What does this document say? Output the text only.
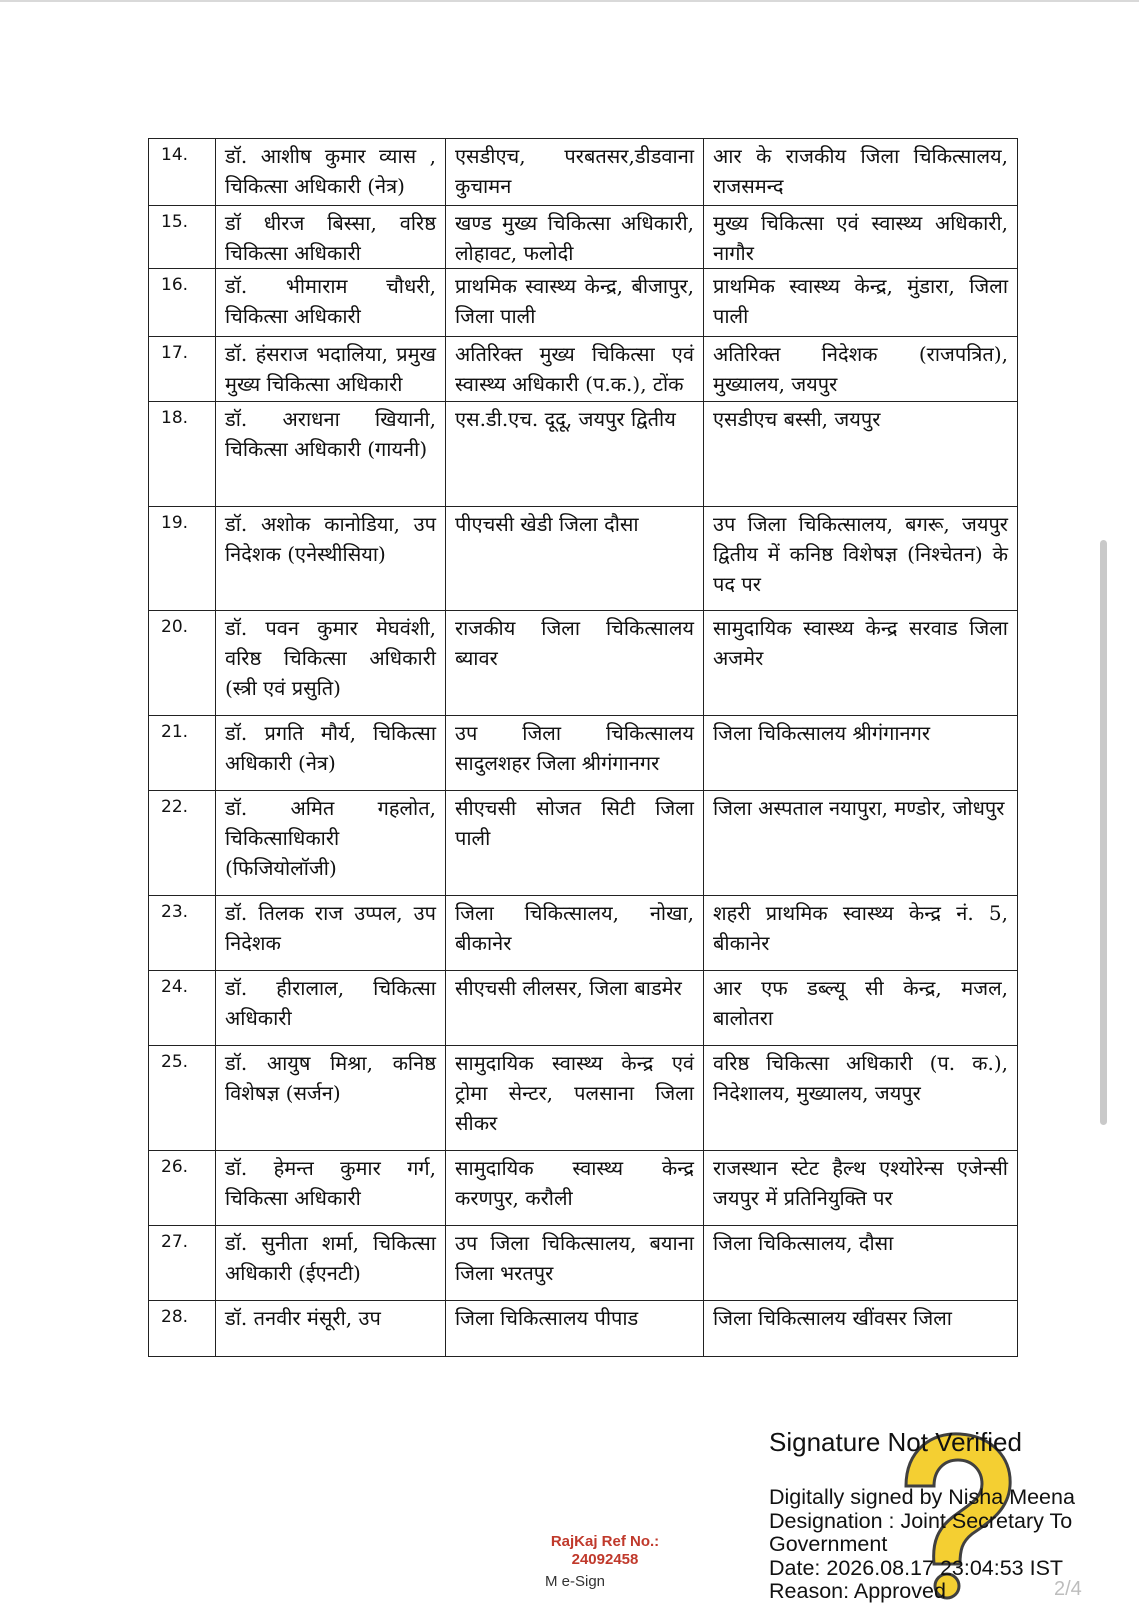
14.	डॉ. आशीष कुमार व्यास , चिकित्सा अधिकारी (नेत्र)	एसडीएच, परबतसर,डीडवाना कुचामन	आर के राजकीय जिला चिकित्सालय, राजसमन्द
15.	डॉ धीरज बिस्सा, वरिष्ठ चिकित्सा अधिकारी	खण्ड मुख्य चिकित्सा अधिकारी, लोहावट, फलोदी	मुख्य चिकित्सा एवं स्वास्थ्य अधिकारी, नागौर
16.	डॉ. भीमाराम चौधरी, चिकित्सा अधिकारी	प्राथमिक स्वास्थ्य केन्द्र, बीजापुर, जिला पाली	प्राथमिक स्वास्थ्य केन्द्र, मुंडारा, जिला पाली
17.	डॉ. हंसराज भदालिया, प्रमुख मुख्य चिकित्सा अधिकारी	अतिरिक्त मुख्य चिकित्सा एवं स्वास्थ्य अधिकारी (प.क.), टोंक	अतिरिक्त निदेशक (राजपत्रित), मुख्यालय, जयपुर
18.	डॉ. अराधना खियानी, चिकित्सा अधिकारी (गायनी)	एस.डी.एच. दूदू, जयपुर द्वितीय	एसडीएच बस्सी, जयपुर
19.	डॉ. अशोक कानोडिया, उप निदेशक (एनेस्थीसिया)	पीएचसी खेडी जिला दौसा	उप जिला चिकित्सालय, बगरू, जयपुर द्वितीय में कनिष्ठ विशेषज्ञ (निश्चेतन) के पद पर
20.	डॉ. पवन कुमार मेघवंशी, वरिष्ठ चिकित्सा अधिकारी (स्त्री एवं प्रसुति)	राजकीय जिला चिकित्सालय ब्यावर	सामुदायिक स्वास्थ्य केन्द्र सरवाड जिला अजमेर
21.	डॉ. प्रगति मौर्य, चिकित्सा अधिकारी (नेत्र)	उप जिला चिकित्सालय सादुलशहर जिला श्रीगंगानगर	जिला चिकित्सालय श्रीगंगानगर
22.	डॉ. अमित गहलोत, चिकित्साधिकारी (फिजियोलॉजी)	सीएचसी सोजत सिटी जिला पाली	जिला अस्पताल नयापुरा, मण्डोर, जोधपुर
23.	डॉ. तिलक राज उप्पल, उप निदेशक	जिला चिकित्सालय, नोखा, बीकानेर	शहरी प्राथमिक स्वास्थ्य केन्द्र नं. 5, बीकानेर
24.	डॉ. हीरालाल, चिकित्सा अधिकारी	सीएचसी लीलसर, जिला बाडमेर	आर एफ डब्ल्यू सी केन्द्र, मजल, बालोतरा
25.	डॉ. आयुष मिश्रा, कनिष्ठ विशेषज्ञ (सर्जन)	सामुदायिक स्वास्थ्य केन्द्र एवं ट्रोमा सेन्टर, पलसाना जिला सीकर	वरिष्ठ चिकित्सा अधिकारी (प. क.), निदेशालय, मुख्यालय, जयपुर
26.	डॉ. हेमन्त कुमार गर्ग, चिकित्सा अधिकारी	सामुदायिक स्वास्थ्य केन्द्र करणपुर, करौली	राजस्थान स्टेट हैल्थ एश्योरेन्स एजेन्सी जयपुर में प्रतिनियुक्ति पर
27.	डॉ. सुनीता शर्मा, चिकित्सा अधिकारी (ईएनटी)	उप जिला चिकित्सालय, बयाना जिला भरतपुर	जिला चिकित्सालय, दौसा
28.	डॉ. तनवीर मंसूरी, उप	जिला चिकित्सालय पीपाड	जिला चिकित्सालय खींवसर जिला
Signature Not Verified
Digitally signed by Nisha Meena
Designation : Joint Secretary To
Government
Date: 2026.08.17 23:04:53 IST
Reason: Approved
RajKaj Ref No.:
24092458
M e-Sign	2/4
